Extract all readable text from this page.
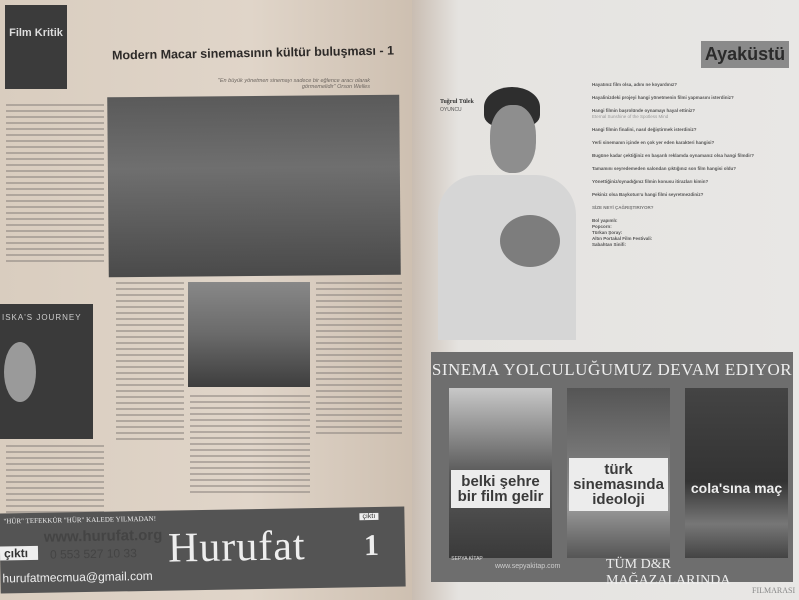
Film Kritik
Modern Macar sinemasının kültür buluşması - 1
"En büyük yönetmen sinemayı sadece bir eğlence aracı olarak görmemelidir" Orson Welles
ISKA'S JOURNEY
"HÜR" TEFEKKÜR "HÜR" KALEDE YILMADAN!
www.hurufat.org
çıktı	0 553 527 10 33
hurufatmecmua@gmail.com
Hurufat
çıktı
1
Ayaküstü
Tuğrul Tülek
OYUNCU
Hayatınız film olsa, adını ne koyardınız?
Hayalinizdeki projeyi hangi yönetmenin filmi yapmasını isterdiniz?
Hangi filmin başrolünde oynamayı hayal ettiniz?
Eternal Sunshine of the Spotless Mind
Hangi filmin finalini, nasıl değiştirmek isterdiniz?
Yerli sinemanın içinde en çok yer eden karakteri hangisi?
Bugüne kadar çektiğiniz en başarılı reklamda oynamanız olsa hangi filmdir?
Tamamını seyredemeden salondan çıktığınız son film hangisi oldu?
Yönettiğiniz/oynadığınız filmin konusu itirazları kimin?
Pekiniz olsa Baykotun'u hangi filmi seyretmezdiniz?
SİZE NEYİ ÇAĞRIŞTIRIYOR?
Bol yapımlı:
Popcorn:
Türkan Şoray:
Altın Portakal Film Festivali:
Sabahtan Sinifi:
SINEMA YOLCULUĞUMUZ DEVAM EDIYOR
belki şehre bir film gelir
türk sinemasında ideoloji
cola'sına maç
SEPYA KİTAP
www.sepyakitap.com	TÜM D&R MAĞAZALARINDA
FILMARASI
